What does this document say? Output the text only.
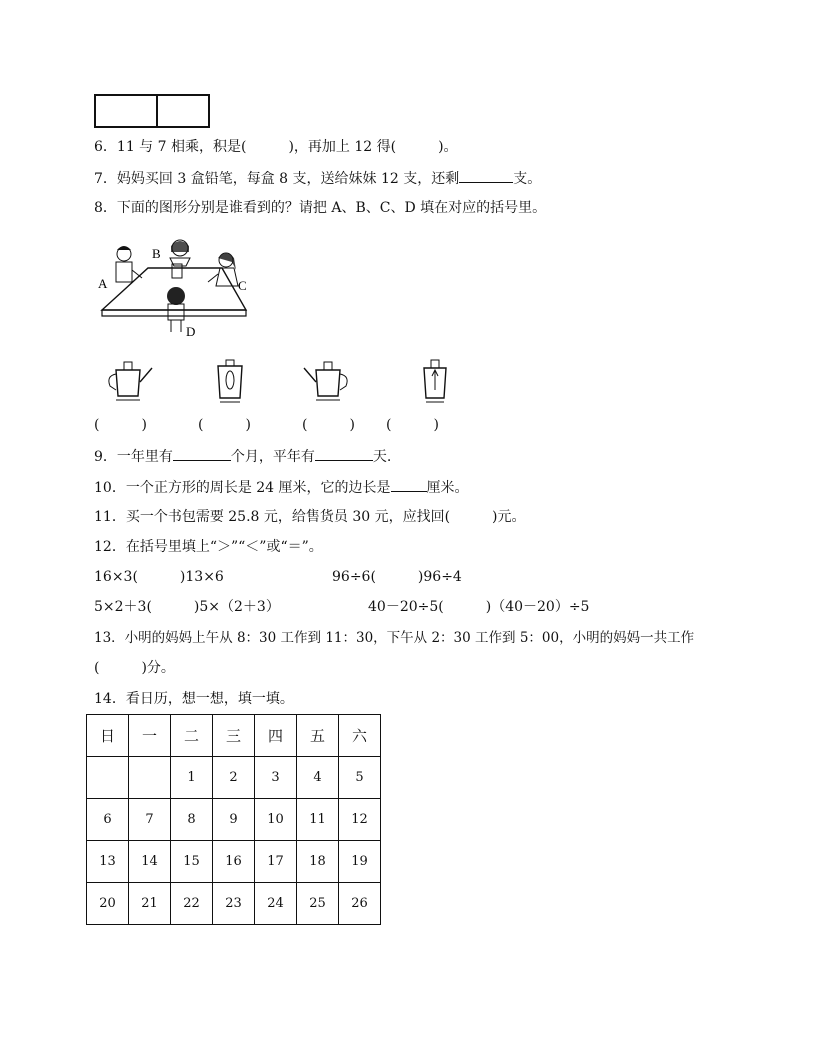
6．11 与 7 相乘，积是(　　　)，再加上 12 得(　　　)。
7．妈妈买回 3 盒铅笔，每盒 8 支，送给妹妹 12 支，还剩	支。
8．下面的图形分别是谁看到的？请把 A、B、C、D 填在对应的括号里。
A
B
C
D
(　　　)	(　　　)	(　　　) (　　　)
9．一年里有	个月，平年有	天.
10．一个正方形的周长是 24 厘米，它的边长是	厘米。
11．买一个书包需要 25.8 元，给售货员 30 元，应找回(　　　)元。
12．在括号里填上“＞”“＜”或“＝”。
16×3(　　　)13×6	96÷6(　　　)96÷4
5×2＋3(　　　)5×（2＋3）	40－20÷5(　　　)（40－20）÷5
13．小明的妈妈上午从 8：30 工作到 11：30，下午从 2：30 工作到 5：00，小明的妈妈一共工作
(　　　)分。
14．看日历，想一想，填一填。
日	一	二	三	四	五	六
		1	2	3	4	5
6	7	8	9	10	11	12
13	14	15	16	17	18	19
20	21	22	23	24	25	26
